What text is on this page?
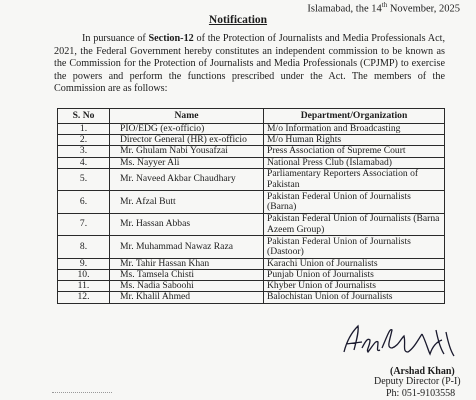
Islamabad, the 14th November, 2025
Notification
In pursuance of Section-12 of the Protection of Journalists and Media Professionals Act, 2021, the Federal Government hereby constitutes an independent commission to be known as the Commission for the Protection of Journalists and Media Professionals (CPJMP) to exercise the powers and perform the functions prescribed under the Act. The members of the Commission are as follows:
S. No	Name	Department/Organization
1.	PIO/EDG (ex-officio)	M/o Information and Broadcasting
2.	Director General (HR) ex-officio	M/o Human Rights
3.	Mr. Ghulam Nabi Yousafzai	Press Association of Supreme Court
4.	Ms. Nayyer Ali	National Press Club (Islamabad)
5.	Mr. Naveed Akbar Chaudhary	Parliamentary Reporters Association of Pakistan
6.	Mr. Afzal Butt	Pakistan Federal Union of Journalists (Barna)
7.	Mr. Hassan Abbas	Pakistan Federal Union of Journalists (Barna Azeem Group)
8.	Mr. Muhammad Nawaz Raza	Pakistan Federal Union of Journalists (Dastoor)
9.	Mr. Tahir Hassan Khan	Karachi Union of Journalists
10.	Ms. Tamsela Chisti	Punjab Union of Journalists
11.	Ms. Nadia Saboohi	Khyber Union of Journalists
12.	Mr. Khalil Ahmed	Balochistan Union of Journalists
(Arshad Khan)
Deputy Director (P-I)
Ph: 051-9103558
